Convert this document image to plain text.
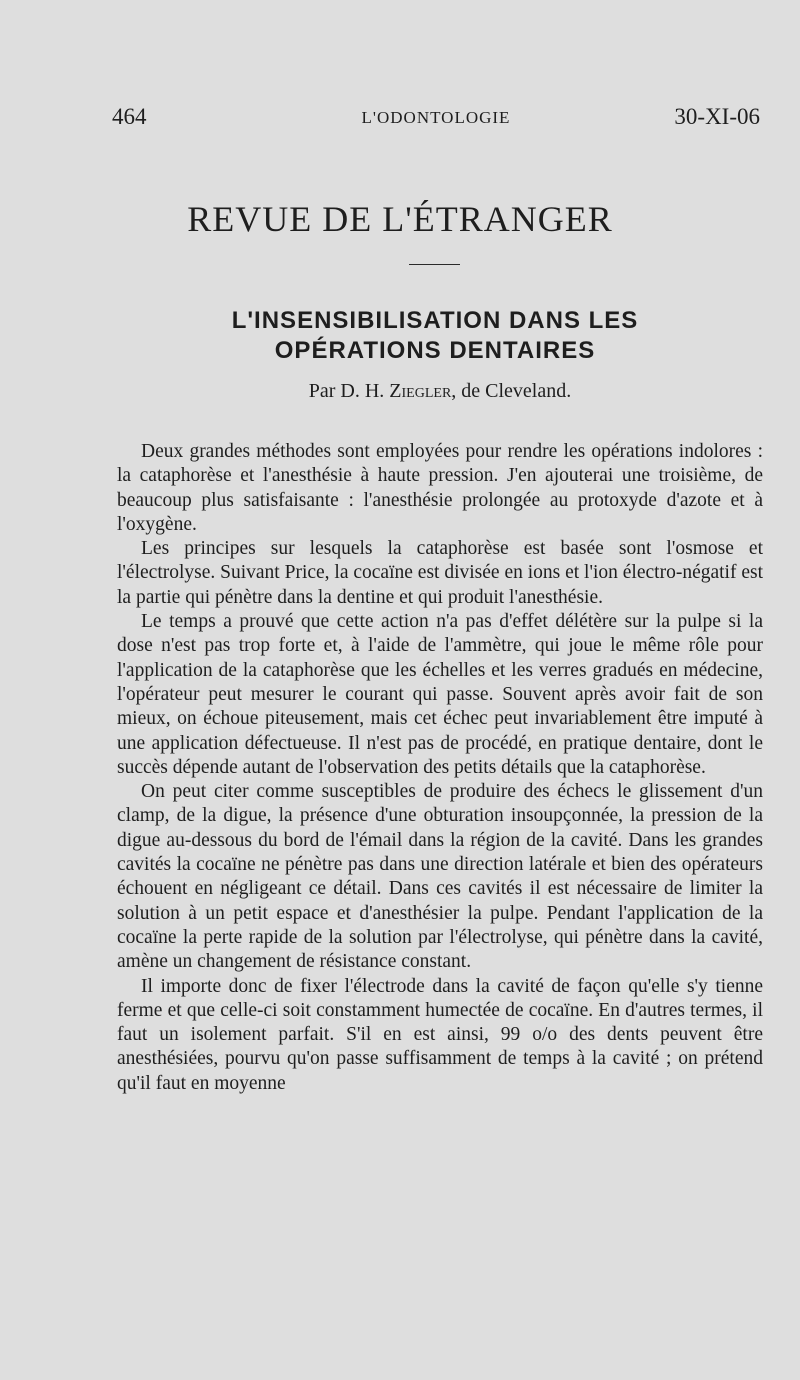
464	L'ODONTOLOGIE	30-XI-06
REVUE DE L'ÉTRANGER
L'INSENSIBILISATION DANS LES
OPÉRATIONS DENTAIRES
Par D. H. Ziegler, de Cleveland.

Deux grandes méthodes sont employées pour rendre les opérations indolores : la cataphorèse et l'anesthésie à haute pression. J'en ajouterai une troisième, de beaucoup plus satisfaisante : l'anesthésie prolongée au protoxyde d'azote et à l'oxygène.

Les principes sur lesquels la cataphorèse est basée sont l'osmose et l'électrolyse. Suivant Price, la cocaïne est divisée en ions et l'ion électro-négatif est la partie qui pénètre dans la dentine et qui produit l'anesthésie.

Le temps a prouvé que cette action n'a pas d'effet délétère sur la pulpe si la dose n'est pas trop forte et, à l'aide de l'ammètre, qui joue le même rôle pour l'application de la cataphorèse que les échelles et les verres gradués en médecine, l'opérateur peut mesurer le courant qui passe. Souvent après avoir fait de son mieux, on échoue piteusement, mais cet échec peut invariablement être imputé à une application défectueuse. Il n'est pas de procédé, en pratique dentaire, dont le succès dépende autant de l'observation des petits détails que la cataphorèse.

On peut citer comme susceptibles de produire des échecs le glissement d'un clamp, de la digue, la présence d'une obturation insoupçonnée, la pression de la digue au-dessous du bord de l'émail dans la région de la cavité. Dans les grandes cavités la cocaïne ne pénètre pas dans une direction latérale et bien des opérateurs échouent en négligeant ce détail. Dans ces cavités il est nécessaire de limiter la solution à un petit espace et d'anesthésier la pulpe. Pendant l'application de la cocaïne la perte rapide de la solution par l'électrolyse, qui pénètre dans la cavité, amène un changement de résistance constant.

Il importe donc de fixer l'électrode dans la cavité de façon qu'elle s'y tienne ferme et que celle-ci soit constamment humectée de cocaïne. En d'autres termes, il faut un isolement parfait. S'il en est ainsi, 99 o/o des dents peuvent être anesthésiées, pourvu qu'on passe suffisamment de temps à la cavité ; on prétend qu'il faut en moyenne
